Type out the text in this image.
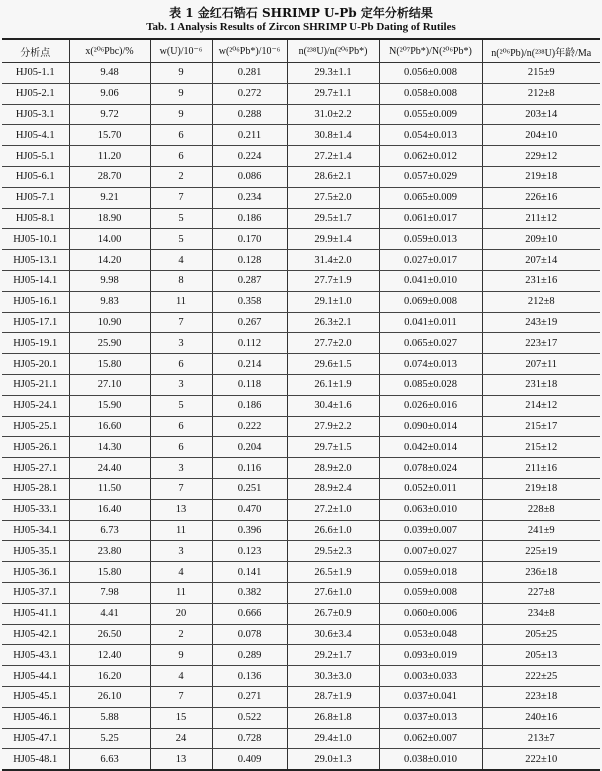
表 1 金红石锆石 SHRIMP U-Pb 定年分析结果
Tab. 1 Analysis Results of Zircon SHRIMP U-Pb Dating of Rutiles
分析点	x(²⁰⁶Pbc)/%	w(U)/10⁻⁶	w(²⁰⁶Pb*)/10⁻⁶	n(²³⁸U)/n(²⁰⁶Pb*)	N(²⁰⁷Pb*)/N(²⁰⁶Pb*)	n(²⁰⁶Pb)/n(²³⁸U)年龄/Ma
HJ05-1.1	9.48	9	0.281	29.3±1.1	0.056±0.008	215±9
HJ05-2.1	9.06	9	0.272	29.7±1.1	0.058±0.008	212±8
HJ05-3.1	9.72	9	0.288	31.0±2.2	0.055±0.009	203±14
HJ05-4.1	15.70	6	0.211	30.8±1.4	0.054±0.013	204±10
HJ05-5.1	11.20	6	0.224	27.2±1.4	0.062±0.012	229±12
HJ05-6.1	28.70	2	0.086	28.6±2.1	0.057±0.029	219±18
HJ05-7.1	9.21	7	0.234	27.5±2.0	0.065±0.009	226±16
HJ05-8.1	18.90	5	0.186	29.5±1.7	0.061±0.017	211±12
HJ05-10.1	14.00	5	0.170	29.9±1.4	0.059±0.013	209±10
HJ05-13.1	14.20	4	0.128	31.4±2.0	0.027±0.017	207±14
HJ05-14.1	9.98	8	0.287	27.7±1.9	0.041±0.010	231±16
HJ05-16.1	9.83	11	0.358	29.1±1.0	0.069±0.008	212±8
HJ05-17.1	10.90	7	0.267	26.3±2.1	0.041±0.011	243±19
HJ05-19.1	25.90	3	0.112	27.7±2.0	0.065±0.027	223±17
HJ05-20.1	15.80	6	0.214	29.6±1.5	0.074±0.013	207±11
HJ05-21.1	27.10	3	0.118	26.1±1.9	0.085±0.028	231±18
HJ05-24.1	15.90	5	0.186	30.4±1.6	0.026±0.016	214±12
HJ05-25.1	16.60	6	0.222	27.9±2.2	0.090±0.014	215±17
HJ05-26.1	14.30	6	0.204	29.7±1.5	0.042±0.014	215±12
HJ05-27.1	24.40	3	0.116	28.9±2.0	0.078±0.024	211±16
HJ05-28.1	11.50	7	0.251	28.9±2.4	0.052±0.011	219±18
HJ05-33.1	16.40	13	0.470	27.2±1.0	0.063±0.010	228±8
HJ05-34.1	6.73	11	0.396	26.6±1.0	0.039±0.007	241±9
HJ05-35.1	23.80	3	0.123	29.5±2.3	0.007±0.027	225±19
HJ05-36.1	15.80	4	0.141	26.5±1.9	0.059±0.018	236±18
HJ05-37.1	7.98	11	0.382	27.6±1.0	0.059±0.008	227±8
HJ05-41.1	4.41	20	0.666	26.7±0.9	0.060±0.006	234±8
HJ05-42.1	26.50	2	0.078	30.6±3.4	0.053±0.048	205±25
HJ05-43.1	12.40	9	0.289	29.2±1.7	0.093±0.019	205±13
HJ05-44.1	16.20	4	0.136	30.3±3.0	0.003±0.033	222±25
HJ05-45.1	26.10	7	0.271	28.7±1.9	0.037±0.041	223±18
HJ05-46.1	5.88	15	0.522	26.8±1.8	0.037±0.013	240±16
HJ05-47.1	5.25	24	0.728	29.4±1.0	0.062±0.007	213±7
HJ05-48.1	6.63	13	0.409	29.0±1.3	0.038±0.010	222±10
